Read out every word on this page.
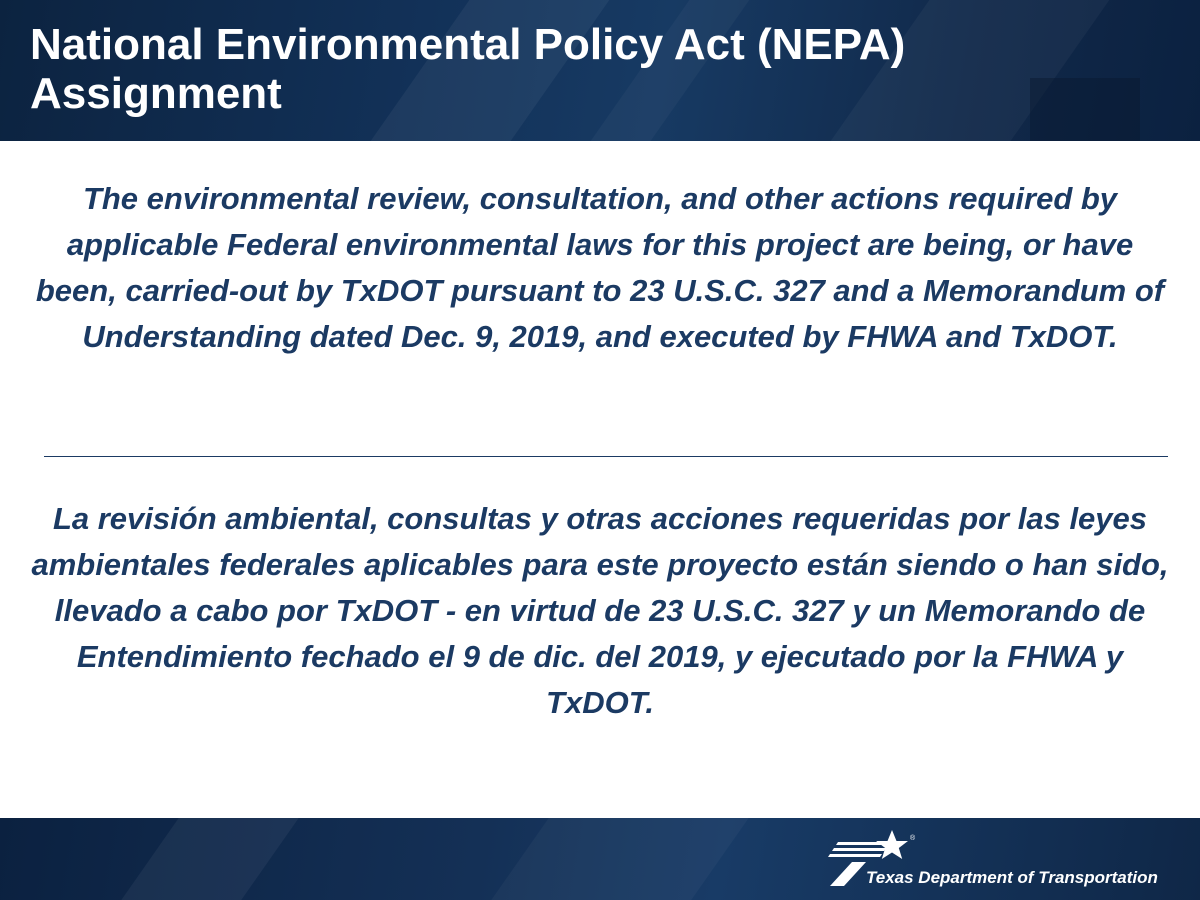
National Environmental Policy Act (NEPA) Assignment

The environmental review, consultation, and other actions required by applicable Federal environmental laws for this project are being, or have been, carried-out by TxDOT pursuant to 23 U.S.C. 327 and a Memorandum of Understanding dated Dec. 9, 2019, and executed by FHWA and TxDOT.

La revisión ambiental, consultas y otras acciones requeridas por las leyes ambientales federales aplicables para este proyecto están siendo o han sido, llevado a cabo por TxDOT - en virtud de 23 U.S.C. 327 y un Memorando de Entendimiento fechado el 9 de dic. del 2019, y ejecutado por la FHWA y TxDOT.

®
Texas Department of Transportation
